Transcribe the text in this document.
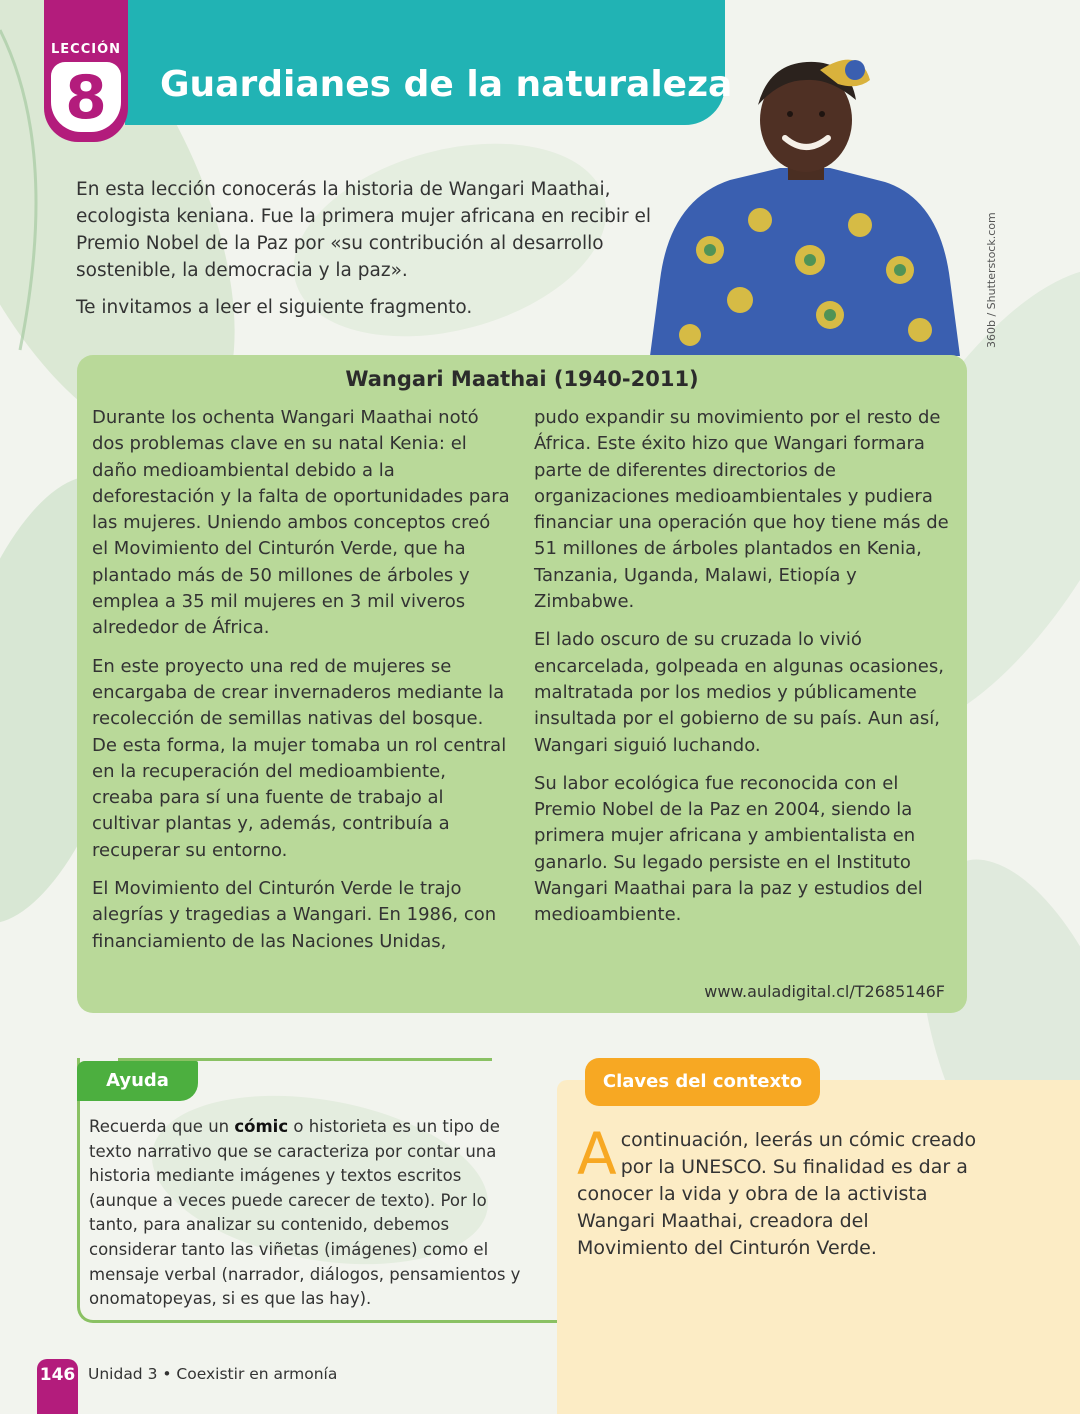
Guardianes de la naturaleza
LECCIÓN
8

En esta lección conocerás la historia de Wangari Maathai, ecologista keniana. Fue la primera mujer africana en recibir el Premio Nobel de la Paz por «su contribución al desarrollo sostenible, la democracia y la paz».

Te invitamos a leer el siguiente fragmento.	360b / Shutterstock.com
Wangari Maathai (1940-2011)

Durante los ochenta Wangari Maathai notó dos problemas clave en su natal Kenia: el daño medioambiental debido a la deforestación y la falta de oportunidades para las mujeres. Uniendo ambos conceptos creó el Movimiento del Cinturón Verde, que ha plantado más de 50 millones de árboles y emplea a 35 mil mujeres en 3 mil viveros alrededor de África.

En este proyecto una red de mujeres se encargaba de crear invernaderos mediante la recolección de semillas nativas del bosque. De esta forma, la mujer tomaba un rol central en la recuperación del medioambiente, creaba para sí una fuente de trabajo al cultivar plantas y, además, contribuía a recuperar su entorno.

El Movimiento del Cinturón Verde le trajo alegrías y tragedias a Wangari. En 1986, con financiamiento de las Naciones Unidas,

pudo expandir su movimiento por el resto de África. Este éxito hizo que Wangari formara parte de diferentes directorios de organizaciones medioambientales y pudiera financiar una operación que hoy tiene más de 51 millones de árboles plantados en Kenia, Tanzania, Uganda, Malawi, Etiopía y Zimbabwe.

El lado oscuro de su cruzada lo vivió encarcelada, golpeada en algunas ocasiones, maltratada por los medios y públicamente insultada por el gobierno de su país. Aun así, Wangari siguió luchando.

Su labor ecológica fue reconocida con el Premio Nobel de la Paz en 2004, siendo la primera mujer africana y ambientalista en ganarlo. Su legado persiste en el Instituto Wangari Maathai para la paz y estudios del medioambiente.

www.auladigital.cl/T2685146F
Ayuda
Recuerda que un cómic o historieta es un tipo de texto narrativo que se caracteriza por contar una historia mediante imágenes y textos escritos (aunque a veces puede carecer de texto). Por lo tanto, para analizar su contenido, debemos considerar tanto las viñetas (imágenes) como el mensaje verbal (narrador, diálogos, pensamientos y onomatopeyas, si es que las hay).
Claves del contexto
Acontinuación, leerás un cómic creado por la UNESCO. Su finalidad es dar a conocer la vida y obra de la activista Wangari Maathai, creadora del Movimiento del Cinturón Verde.
146 Unidad 3 • Coexistir en armonía
